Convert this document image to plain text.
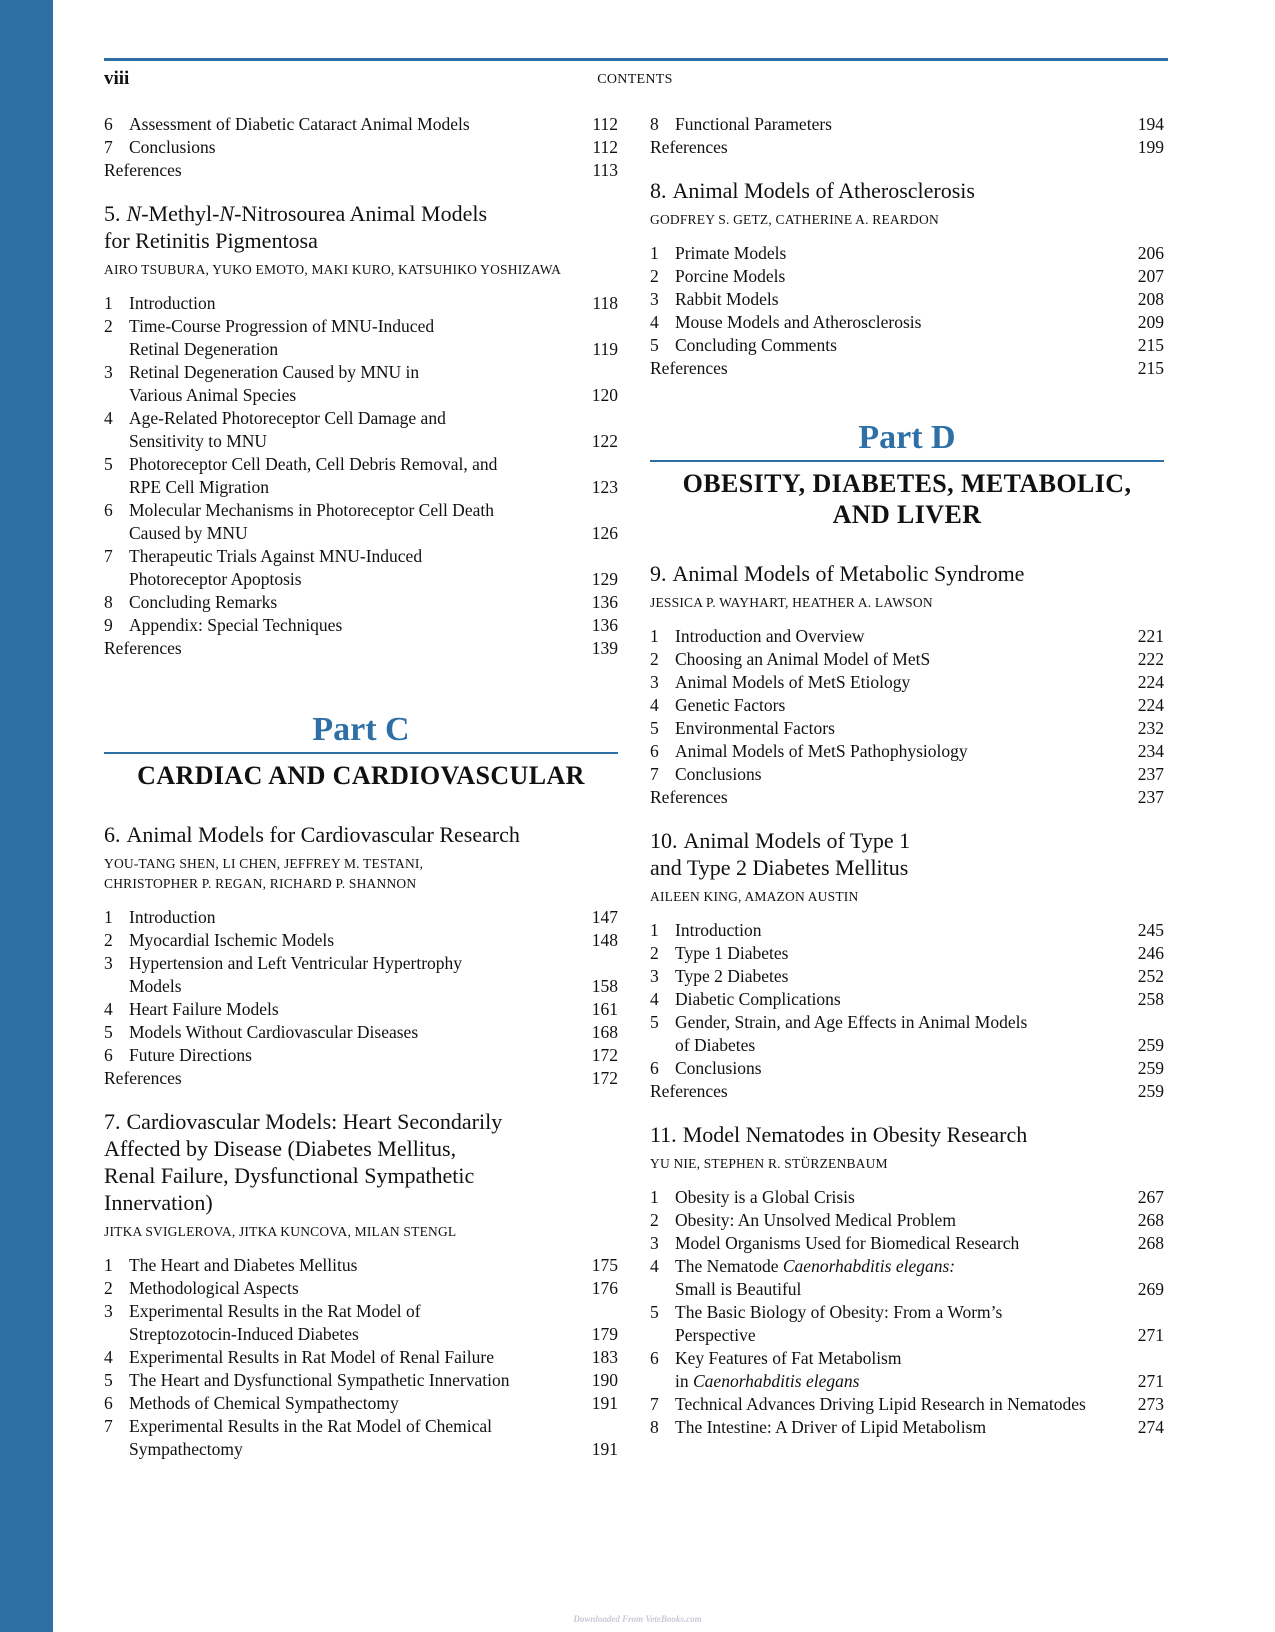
viii	CONTENTS
6 Assessment of Diabetic Cataract Animal Models	112
7 Conclusions	112
References	113
5. N-Methyl-N-Nitrosourea Animal Models
for Retinitis Pigmentosa
AIRO TSUBURA, YUKO EMOTO, MAKI KURO, KATSUHIKO YOSHIZAWA
1 Introduction	118
2 Time-Course Progression of MNU-Induced
Retinal Degeneration	119
3 Retinal Degeneration Caused by MNU in
Various Animal Species	120
4 Age-Related Photoreceptor Cell Damage and
Sensitivity to MNU	122
5 Photoreceptor Cell Death, Cell Debris Removal, and
RPE Cell Migration	123
6 Molecular Mechanisms in Photoreceptor Cell Death
Caused by MNU	126
7 Therapeutic Trials Against MNU-Induced
Photoreceptor Apoptosis	129
8 Concluding Remarks	136
9 Appendix: Special Techniques	136
References	139
Part C
CARDIAC AND CARDIOVASCULAR
6. Animal Models for Cardiovascular Research
YOU-TANG SHEN, LI CHEN, JEFFREY M. TESTANI,
CHRISTOPHER P. REGAN, RICHARD P. SHANNON
1 Introduction	147
2 Myocardial Ischemic Models	148
3 Hypertension and Left Ventricular Hypertrophy
Models	158
4 Heart Failure Models	161
5 Models Without Cardiovascular Diseases	168
6 Future Directions	172
References	172
7. Cardiovascular Models: Heart Secondarily
Affected by Disease (Diabetes Mellitus,
Renal Failure, Dysfunctional Sympathetic
Innervation)
JITKA SVIGLEROVA, JITKA KUNCOVA, MILAN STENGL
1 The Heart and Diabetes Mellitus	175
2 Methodological Aspects	176
3 Experimental Results in the Rat Model of
Streptozotocin-Induced Diabetes	179
4 Experimental Results in Rat Model of Renal Failure	183
5 The Heart and Dysfunctional Sympathetic Innervation	190
6 Methods of Chemical Sympathectomy	191
7 Experimental Results in the Rat Model of Chemical
Sympathectomy	191
8 Functional Parameters	194
References	199
8. Animal Models of Atherosclerosis
GODFREY S. GETZ, CATHERINE A. REARDON
1 Primate Models	206
2 Porcine Models	207
3 Rabbit Models	208
4 Mouse Models and Atherosclerosis	209
5 Concluding Comments	215
References	215
Part D
OBESITY, DIABETES, METABOLIC,
AND LIVER
9. Animal Models of Metabolic Syndrome
JESSICA P. WAYHART, HEATHER A. LAWSON
1 Introduction and Overview	221
2 Choosing an Animal Model of MetS	222
3 Animal Models of MetS Etiology	224
4 Genetic Factors	224
5 Environmental Factors	232
6 Animal Models of MetS Pathophysiology	234
7 Conclusions	237
References	237
10. Animal Models of Type 1
and Type 2 Diabetes Mellitus
AILEEN KING, AMAZON AUSTIN
1 Introduction	245
2 Type 1 Diabetes	246
3 Type 2 Diabetes	252
4 Diabetic Complications	258
5 Gender, Strain, and Age Effects in Animal Models
of Diabetes	259
6 Conclusions	259
References	259
11. Model Nematodes in Obesity Research
YU NIE, STEPHEN R. STÜRZENBAUM
1 Obesity is a Global Crisis	267
2 Obesity: An Unsolved Medical Problem	268
3 Model Organisms Used for Biomedical Research	268
4 The Nematode Caenorhabditis elegans:
Small is Beautiful	269
5 The Basic Biology of Obesity: From a Worm’s
Perspective	271
6 Key Features of Fat Metabolism
in Caenorhabditis elegans	271
7 Technical Advances Driving Lipid Research in Nematodes	273
8 The Intestine: A Driver of Lipid Metabolism	274
Downloaded From VeteBooks.com
